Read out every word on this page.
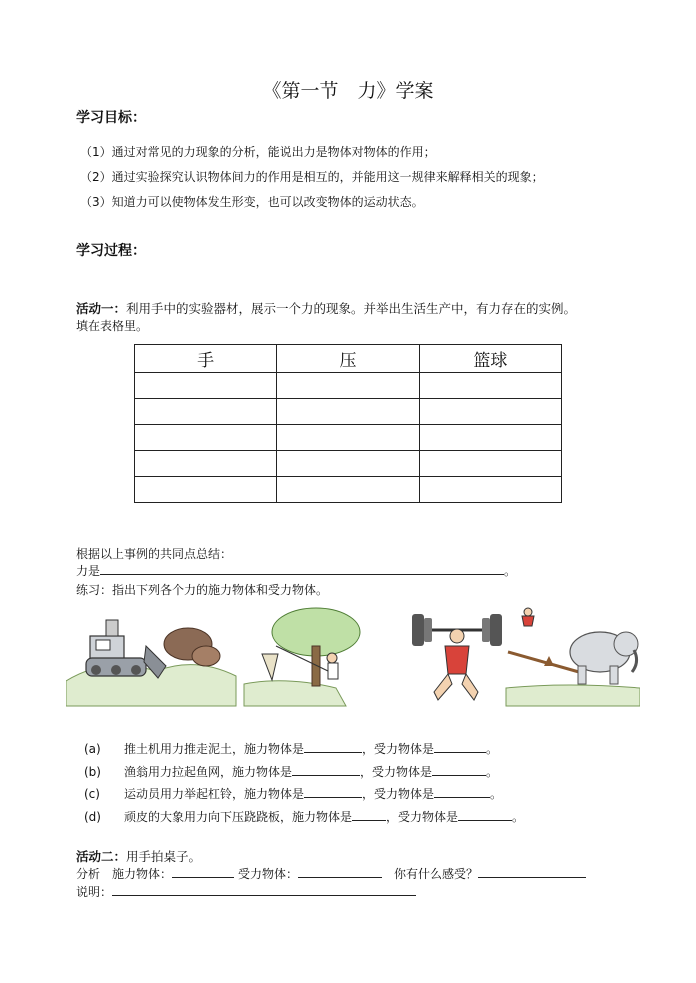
《第一节　力》学案
学习目标：
（1）通过对常见的力现象的分析，能说出力是物体对物体的作用；
（2）通过实验探究认识物体间力的作用是相互的，并能用这一规律来解释相关的现象；
（3）知道力可以使物体发生形变，也可以改变物体的运动状态。
学习过程：
活动一：利用手中的实验器材，展示一个力的现象。并举出生活生产中，有力存在的实例。
填在表格里。
手	压	篮球

根据以上事例的共同点总结：
力是	。
练习：指出下列各个力的施力物体和受力物体。
(a) 推土机用力推走泥土，施力物体是	，受力物体是	。
(b) 渔翁用力拉起鱼网，施力物体是	，受力物体是	。
(c) 运动员用力举起杠铃，施力物体是	，受力物体是	。
(d) 顽皮的大象用力向下压跷跷板，施力物体是	，受力物体是	。
活动二：用手拍桌子。
分析 施力物体：	受力物体：	你有什么感受？
说明：
